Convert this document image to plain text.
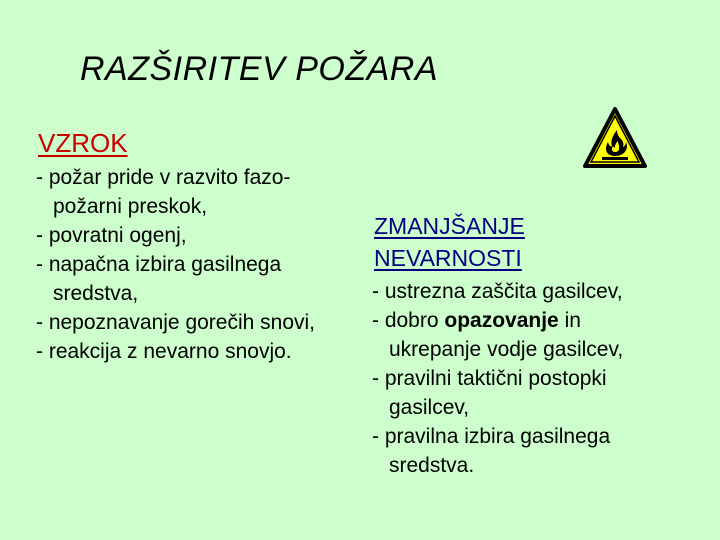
RAZŠIRITEV POŽARA
VZROK
- požar pride v razvito fazo-požarni preskok,
- povratni ogenj,
- napačna izbira gasilnega sredstva,
- nepoznavanje gorečih snovi,
- reakcija z nevarno snovjo.
ZMANJŠANJE NEVARNOSTI
- ustrezna zaščita gasilcev,
- dobro opazovanje in ukrepanje vodje gasilcev,
- pravilni taktični postopki gasilcev,
- pravilna izbira gasilnega sredstva.
